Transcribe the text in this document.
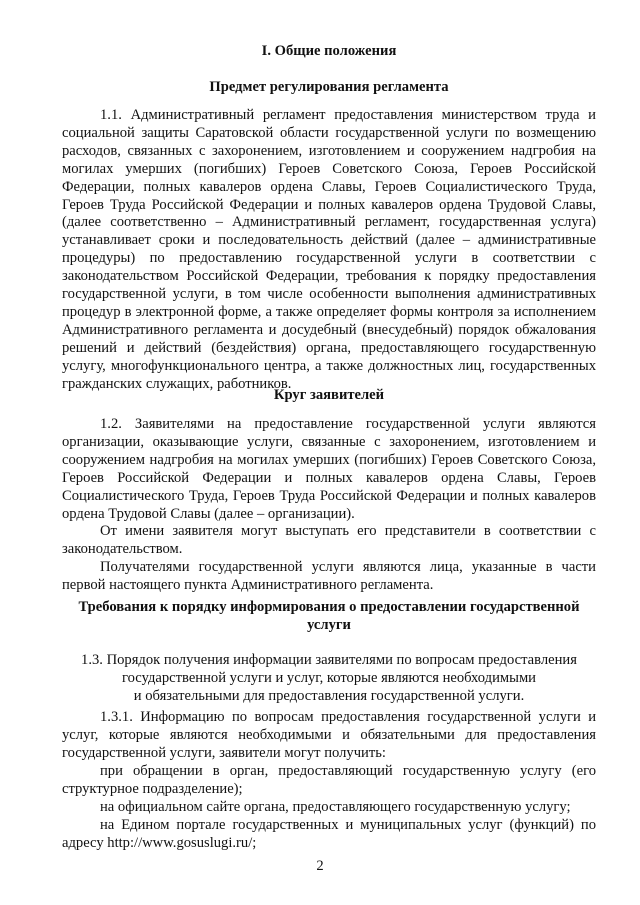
I. Общие положения

Предмет регулирования регламента

1.1. Административный регламент предоставления министерством труда и социальной защиты Саратовской области государственной услуги по возмещению расходов, связанных с захоронением, изготовлением и сооружением надгробия на могилах умерших (погибших) Героев Советского Союза, Героев Российской Федерации, полных кавалеров ордена Славы, Героев Социалистического Труда, Героев Труда Российской Федерации и полных кавалеров ордена Трудовой Славы, (далее соответственно – Административный регламент, государственная услуга) устанавливает сроки и последовательность действий (далее – административные процедуры) по предоставлению государственной услуги в соответствии с законодательством Российской Федерации, требования к порядку предоставления государственной услуги, в том числе особенности выполнения административных процедур в электронной форме, а также определяет формы контроля за исполнением Административного регламента и досудебный (внесудебный) порядок обжалования решений и действий (бездействия) органа, предоставляющего государственную услугу, многофункционального центра, а также должностных лиц, государственных гражданских служащих, работников.

Круг заявителей

1.2. Заявителями на предоставление государственной услуги являются организации, оказывающие услуги, связанные с захоронением, изготовлением и сооружением надгробия на могилах умерших (погибших) Героев Советского Союза, Героев Российской Федерации и полных кавалеров ордена Славы, Героев Социалистического Труда, Героев Труда Российской Федерации и полных кавалеров ордена Трудовой Славы (далее – организации).

От имени заявителя могут выступать его представители в соответствии с законодательством.

Получателями государственной услуги являются лица, указанные в части первой настоящего пункта Административного регламента.

Требования к порядку информирования о предоставлении государственной услуги

1.3. Порядок получения информации заявителями по вопросам предоставления
государственной услуги и услуг, которые являются необходимыми
и обязательными для предоставления государственной услуги.

1.3.1. Информацию по вопросам предоставления государственной услуги и услуг, которые являются необходимыми и обязательными для предоставления государственной услуги, заявители могут получить:

при обращении в орган, предоставляющий государственную услугу (его структурное подразделение);

на официальном сайте органа, предоставляющего государственную услугу;

на Едином портале государственных и муниципальных услуг (функций) по адресу http://www.gosuslugi.ru/;

2
